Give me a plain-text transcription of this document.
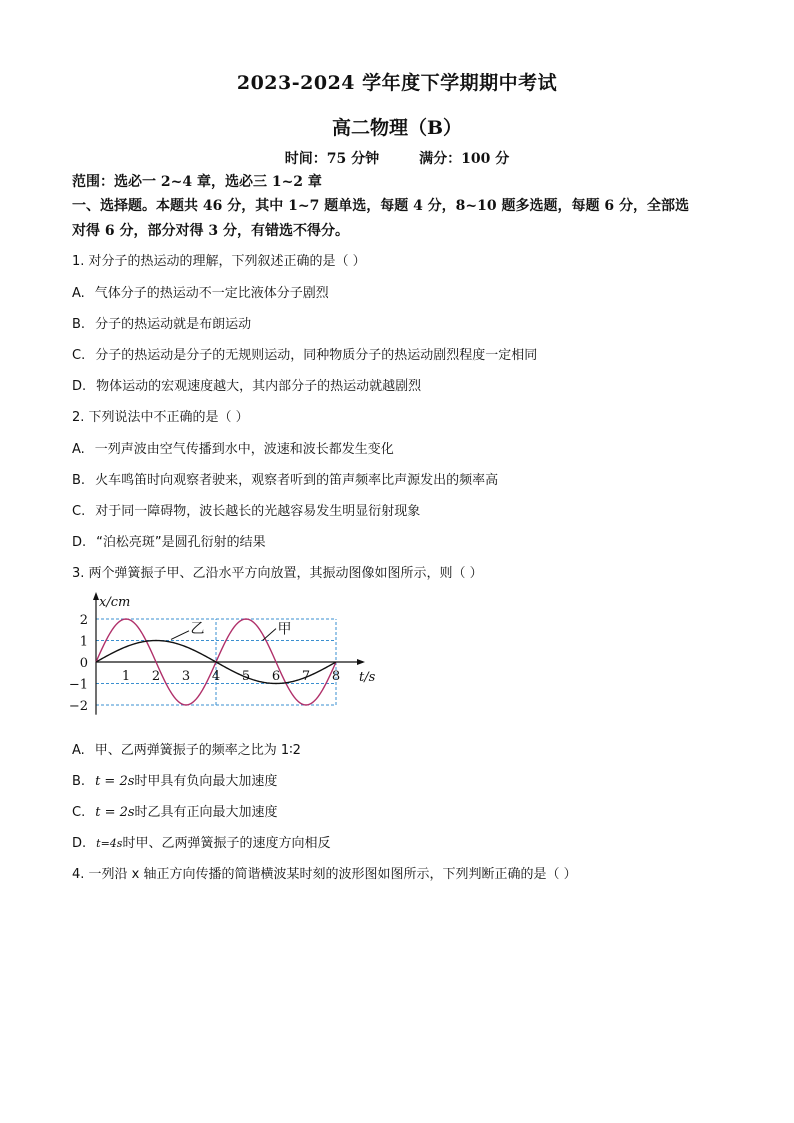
2023-2024 学年度下学期期中考试
高二物理（B）
时间：75 分钟	满分：100 分
范围：选必一 2~4 章，选必三 1~2 章
一、选择题。本题共 46 分，其中 1~7 题单选，每题 4 分，8~10 题多选题，每题 6 分，全部选
对得 6 分，部分对得 3 分，有错选不得分。
1. 对分子的热运动的理解，下列叙述正确的是（ ）
A. 气体分子的热运动不一定比液体分子剧烈
B. 分子的热运动就是布朗运动
C. 分子的热运动是分子的无规则运动，同种物质分子的热运动剧烈程度一定相同
D. 物体运动的宏观速度越大，其内部分子的热运动就越剧烈
2. 下列说法中不正确的是（ ）
A. 一列声波由空气传播到水中，波速和波长都发生变化
B. 火车鸣笛时向观察者驶来，观察者听到的笛声频率比声源发出的频率高
C. 对于同一障碍物，波长越长的光越容易发生明显衍射现象
D. “泊松亮斑”是圆孔衍射的结果
3. 两个弹簧振子甲、乙沿水平方向放置，其振动图像如图所示，则（ ）
1 2 3 4 5 6 7 8
2
1
0
−1
−2
t/s
x/cm
乙	甲
A. 甲、乙两弹簧振子的频率之比为 1∶2
B. t = 2s时甲具有负向最大加速度
C. t = 2s时乙具有正向最大加速度
D. t=4s时甲、乙两弹簧振子的速度方向相反
4. 一列沿 x 轴正方向传播的简谐横波某时刻的波形图如图所示，下列判断正确的是（ ）
